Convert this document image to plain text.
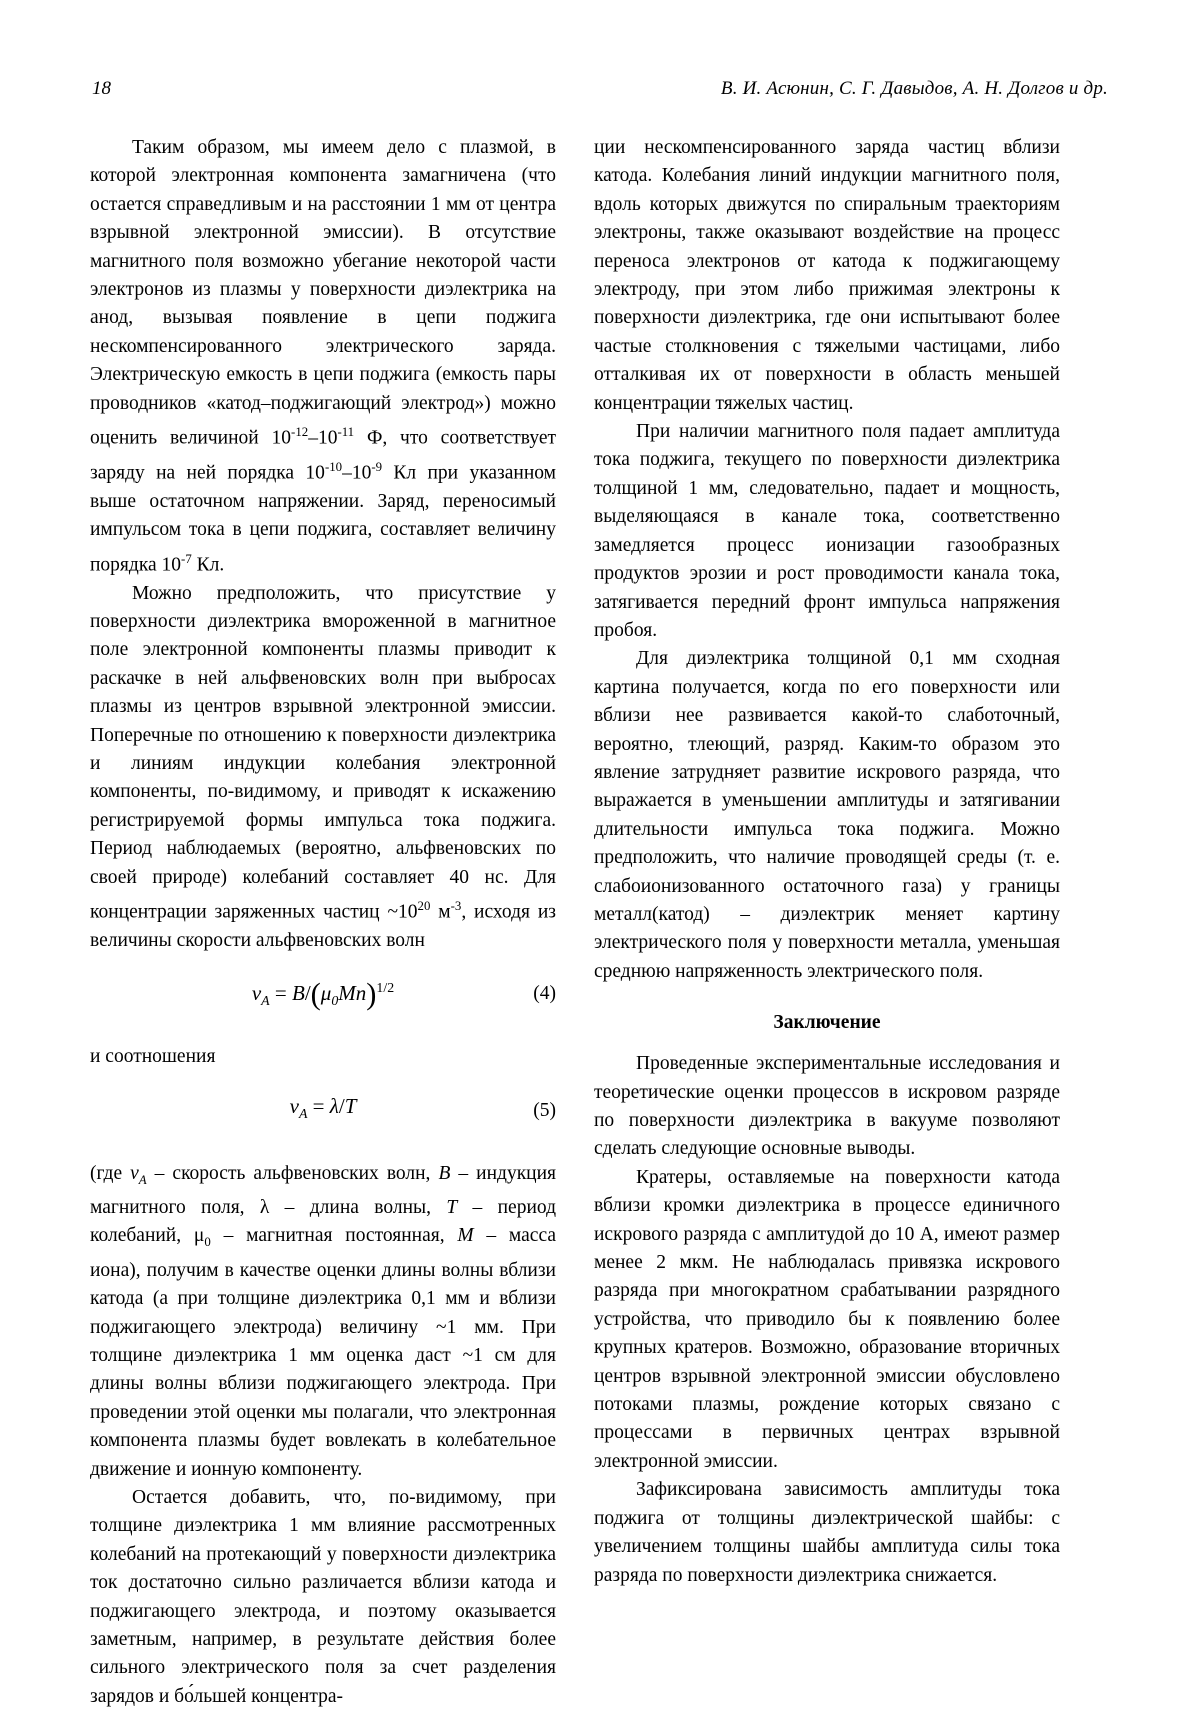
18	В. И. Асюнин, С. Г. Давыдов, А. Н. Долгов и др.

Таким образом, мы имеем дело с плазмой, в которой электронная компонента замагничена (что остается справедливым и на расстоянии 1 мм от центра взрывной электронной эмиссии). В отсутствие магнитного поля возможно убегание некоторой части электронов из плазмы у поверхности диэлектрика на анод, вызывая появление в цепи поджига нескомпенсированного электрического заряда. Электрическую емкость в цепи поджига (емкость пары проводников «катод–поджигающий электрод») можно оценить величиной $10^{-12}-10^{-11}$ Ф, что соответствует заряду на ней порядка $10^{-10}-10^{-9}$ Кл при указанном выше остаточном напряжении. Заряд, переносимый импульсом тока в цепи поджига, составляет величину порядка $10^{-7}$ Кл.

Можно предположить, что присутствие у поверхности диэлектрика вмороженной в магнитное поле электронной компоненты плазмы приводит к раскачке в ней альфвеновских волн при выбросах плазмы из центров взрывной электронной эмиссии. Поперечные по отношению к поверхности диэлектрика и линиям индукции колебания электронной компоненты, по-видимому, и приводят к искажению регистрируемой формы импульса тока поджига. Период наблюдаемых (вероятно, альфвеновских по своей природе) колебаний составляет 40 нс. Для концентрации заряженных частиц $\sim 10^{20}$ $м^{-3}$, исходя из величины скорости альфвеновских волн

$v_A = B/(\mu_0Mn)^{1/2}$	(4)

и соотношения

$v_A = \lambda/T$	(5)

(где $v_A$ – скорость альфвеновских волн, B – индукция магнитного поля, λ – длина волны, T – период колебаний, $\mu_0$ – магнитная постоянная, M – масса иона), получим в качестве оценки длины волны вблизи катода (а при толщине диэлектрика 0,1 мм и вблизи поджигающего электрода) величину ~1 мм. При толщине диэлектрика 1 мм оценка даст ~1 см для длины волны вблизи поджигающего электрода. При проведении этой оценки мы полагали, что электронная компонента плазмы будет вовлекать в колебательное движение и ионную компоненту.

Остается добавить, что, по-видимому, при толщине диэлектрика 1 мм влияние рассмотренных колебаний на протекающий у поверхности диэлектрика ток достаточно сильно различается вблизи катода и поджигающего электрода, и поэтому оказывается заметным, например, в результате действия более сильного электрического поля за счет разделения зарядов и бо́льшей концентра-

ции нескомпенсированного заряда частиц вблизи катода. Колебания линий индукции магнитного поля, вдоль которых движутся по спиральным траекториям электроны, также оказывают воздействие на процесс переноса электронов от катода к поджигающему электроду, при этом либо прижимая электроны к поверхности диэлектрика, где они испытывают более частые столкновения с тяжелыми частицами, либо отталкивая их от поверхности в область меньшей концентрации тяжелых частиц.

При наличии магнитного поля падает амплитуда тока поджига, текущего по поверхности диэлектрика толщиной 1 мм, следовательно, падает и мощность, выделяющаяся в канале тока, соответственно замедляется процесс ионизации газообразных продуктов эрозии и рост проводимости канала тока, затягивается передний фронт импульса напряжения пробоя.

Для диэлектрика толщиной 0,1 мм сходная картина получается, когда по его поверхности или вблизи нее развивается какой-то слаботочный, вероятно, тлеющий, разряд. Каким-то образом это явление затрудняет развитие искрового разряда, что выражается в уменьшении амплитуды и затягивании длительности импульса тока поджига. Можно предположить, что наличие проводящей среды (т. е. слабоионизованного остаточного газа) у границы металл(катод) – диэлектрик меняет картину электрического поля у поверхности металла, уменьшая среднюю напряженность электрического поля.

Заключение

Проведенные экспериментальные исследования и теоретические оценки процессов в искровом разряде по поверхности диэлектрика в вакууме позволяют сделать следующие основные выводы.

Кратеры, оставляемые на поверхности катода вблизи кромки диэлектрика в процессе единичного искрового разряда с амплитудой до 10 А, имеют размер менее 2 мкм. Не наблюдалась привязка искрового разряда при многократном срабатывании разрядного устройства, что приводило бы к появлению более крупных кратеров. Возможно, образование вторичных центров взрывной электронной эмиссии обусловлено потоками плазмы, рождение которых связано с процессами в первичных центрах взрывной электронной эмиссии.

Зафиксирована зависимость амплитуды тока поджига от толщины диэлектрической шайбы: с увеличением толщины шайбы амплитуда силы тока разряда по поверхности диэлектрика снижается.
